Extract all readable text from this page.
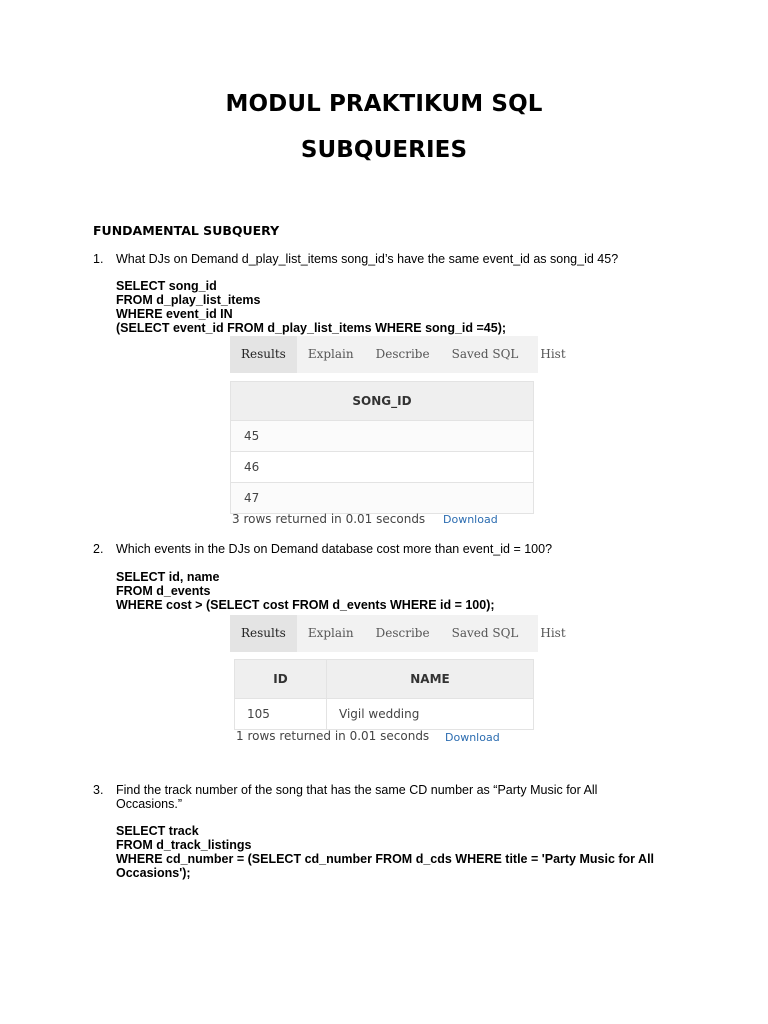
MODUL PRAKTIKUM SQL
SUBQUERIES
FUNDAMENTAL SUBQUERY
1. What DJs on Demand d_play_list_items song_id’s have the same event_id as song_id 45?
SELECT song_id
FROM d_play_list_items
WHERE event_id IN
(SELECT event_id FROM d_play_list_items WHERE song_id =45);
Results	Explain	Describe	Saved SQL	Hist
SONG_ID
45
46
47
3 rows returned in 0.01 seconds Download
2. Which events in the DJs on Demand database cost more than event_id = 100?
SELECT id, name
FROM d_events
WHERE cost > (SELECT cost FROM d_events WHERE id = 100);
Results	Explain	Describe	Saved SQL	Hist
ID	NAME
105	Vigil wedding
1 rows returned in 0.01 seconds Download
3. Find the track number of the song that has the same CD number as “Party Music for All Occasions.”
SELECT track
FROM d_track_listings
WHERE cd_number = (SELECT cd_number FROM d_cds WHERE title = 'Party Music for All
Occasions');
